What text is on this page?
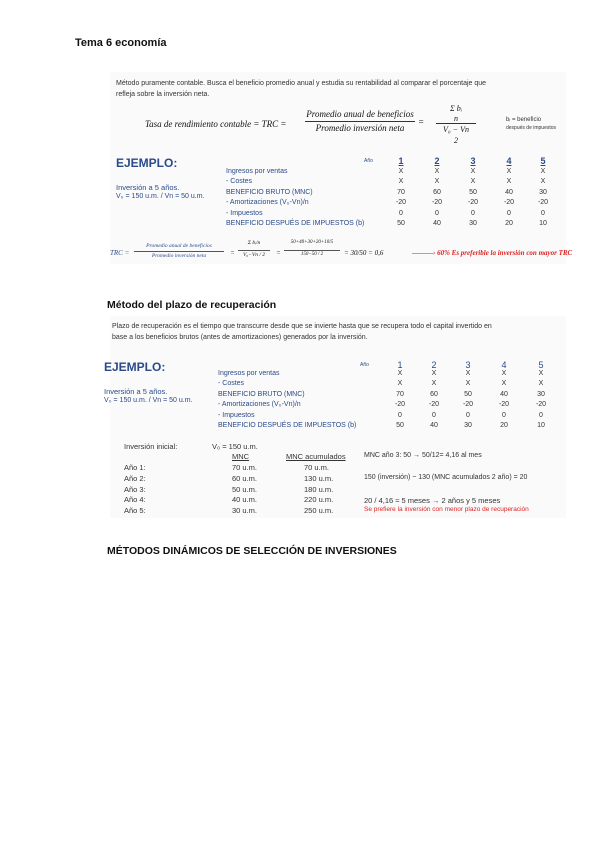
Tema 6 economía
Método puramente contable. Busca el beneficio promedio anual y estudia su rentabilidad al comparar el porcentaje que
refleja sobre la inversión neta.
Tasa de rendimiento contable = TRC =
Promedio anual de beneficios
Promedio inversión neta
=
Σ bᵢ
n
V₀ − Vn
2
bᵢ = beneficio
después de impuestos
EJEMPLO:
Inversión a 5 años.
V₀ = 150 u.m. / Vn = 50 u.m.
Año	1	2	3	4	5
Ingresos por ventas	X	X	X	X	X
- Costes	X	X	X	X	X
BENEFICIO BRUTO (MNC)	70	60	50	40	30
- Amortizaciones (V₀-Vn)/n	-20	-20	-20	-20	-20
- Impuestos	0	0	0	0	0
BENEFICIO DESPUÉS DE IMPUESTOS (b)	50	40	30	20	10
TRC =
Promedio anual de beneficios
Promedio inversión neta	=
Σ bᵢ/n
V₀−Vn / 2	=
50+40+30+20+10/5
150−50 / 2	= 30/50 = 0,6	———› 60% Es preferible la inversión con mayor TRC
Método del plazo de recuperación
Plazo de recuperación es el tiempo que transcurre desde que se invierte hasta que se recupera todo el capital invertido en
base a los beneficios brutos (antes de amortizaciones) generados por la inversión.
EJEMPLO:
Inversión a 5 años.
V₀ = 150 u.m. / Vn = 50 u.m.
Año	1	2	3	4	5
Ingresos por ventas	X	X	X	X	X
- Costes	X	X	X	X	X
BENEFICIO BRUTO (MNC)	70	60	50	40	30
- Amortizaciones (V₀-Vn)/n	-20	-20	-20	-20	-20
- Impuestos	0	0	0	0	0
BENEFICIO DESPUÉS DE IMPUESTOS (b)	50	40	30	20	10
Inversión inicial:	V₀ = 150 u.m.
MNC	MNC acumulados
Año 1:	70 u.m.	70 u.m.
Año 2:	60 u.m.	130 u.m.
Año 3:	50 u.m.	180 u.m.
Año 4:	40 u.m.	220 u.m.
Año 5:	30 u.m.	250 u.m.
MNC año 3: 50 → 50/12= 4,16 al mes
150 (inversión) − 130 (MNC acumulados 2 año) = 20
20 / 4,16 ≈ 5 meses → 2 años y 5 meses
Se prefiere la inversión con menor plazo de recuperación
MÉTODOS DINÁMICOS DE SELECCIÓN DE INVERSIONES
